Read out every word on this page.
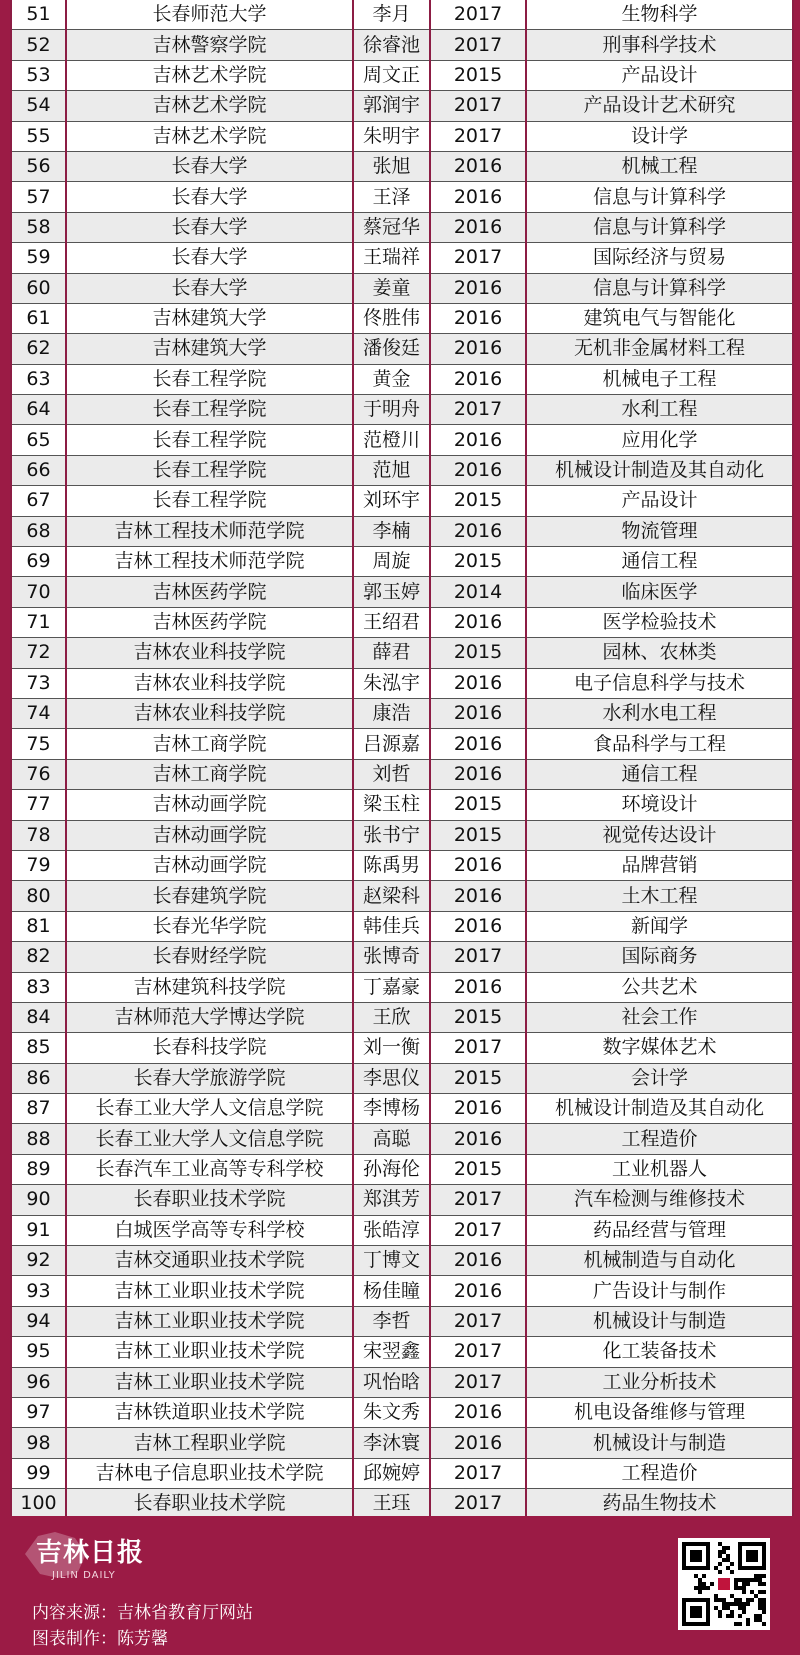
51	长春师范大学	李月	2017	生物科学
52	吉林警察学院	徐睿池	2017	刑事科学技术
53	吉林艺术学院	周文正	2015	产品设计
54	吉林艺术学院	郭润宇	2017	产品设计艺术研究
55	吉林艺术学院	朱明宇	2017	设计学
56	长春大学	张旭	2016	机械工程
57	长春大学	王泽	2016	信息与计算科学
58	长春大学	蔡冠华	2016	信息与计算科学
59	长春大学	王瑞祥	2017	国际经济与贸易
60	长春大学	姜童	2016	信息与计算科学
61	吉林建筑大学	佟胜伟	2016	建筑电气与智能化
62	吉林建筑大学	潘俊廷	2016	无机非金属材料工程
63	长春工程学院	黄金	2016	机械电子工程
64	长春工程学院	于明舟	2017	水利工程
65	长春工程学院	范橙川	2016	应用化学
66	长春工程学院	范旭	2016	机械设计制造及其自动化
67	长春工程学院	刘环宇	2015	产品设计
68	吉林工程技术师范学院	李楠	2016	物流管理
69	吉林工程技术师范学院	周旋	2015	通信工程
70	吉林医药学院	郭玉婷	2014	临床医学
71	吉林医药学院	王绍君	2016	医学检验技术
72	吉林农业科技学院	薛君	2015	园林、农林类
73	吉林农业科技学院	朱泓宇	2016	电子信息科学与技术
74	吉林农业科技学院	康浩	2016	水利水电工程
75	吉林工商学院	吕源嘉	2016	食品科学与工程
76	吉林工商学院	刘哲	2016	通信工程
77	吉林动画学院	梁玉柱	2015	环境设计
78	吉林动画学院	张书宁	2015	视觉传达设计
79	吉林动画学院	陈禹男	2016	品牌营销
80	长春建筑学院	赵梁科	2016	土木工程
81	长春光华学院	韩佳兵	2016	新闻学
82	长春财经学院	张博奇	2017	国际商务
83	吉林建筑科技学院	丁嘉豪	2016	公共艺术
84	吉林师范大学博达学院	王欣	2015	社会工作
85	长春科技学院	刘一衡	2017	数字媒体艺术
86	长春大学旅游学院	李思仪	2015	会计学
87	长春工业大学人文信息学院	李博杨	2016	机械设计制造及其自动化
88	长春工业大学人文信息学院	高聪	2016	工程造价
89	长春汽车工业高等专科学校	孙海伦	2015	工业机器人
90	长春职业技术学院	郑淇芳	2017	汽车检测与维修技术
91	白城医学高等专科学校	张皓淳	2017	药品经营与管理
92	吉林交通职业技术学院	丁博文	2016	机械制造与自动化
93	吉林工业职业技术学院	杨佳瞳	2016	广告设计与制作
94	吉林工业职业技术学院	李哲	2017	机械设计与制造
95	吉林工业职业技术学院	宋翌鑫	2017	化工装备技术
96	吉林工业职业技术学院	巩怡晗	2017	工业分析技术
97	吉林铁道职业技术学院	朱文秀	2016	机电设备维修与管理
98	吉林工程职业学院	李沐寰	2016	机械设计与制造
99	吉林电子信息职业技术学院	邱婉婷	2017	工程造价
100	长春职业技术学院	王珏	2017	药品生物技术
吉林日报
JILIN DAILY
内容来源：吉林省教育厅网站
图表制作：陈芳馨
